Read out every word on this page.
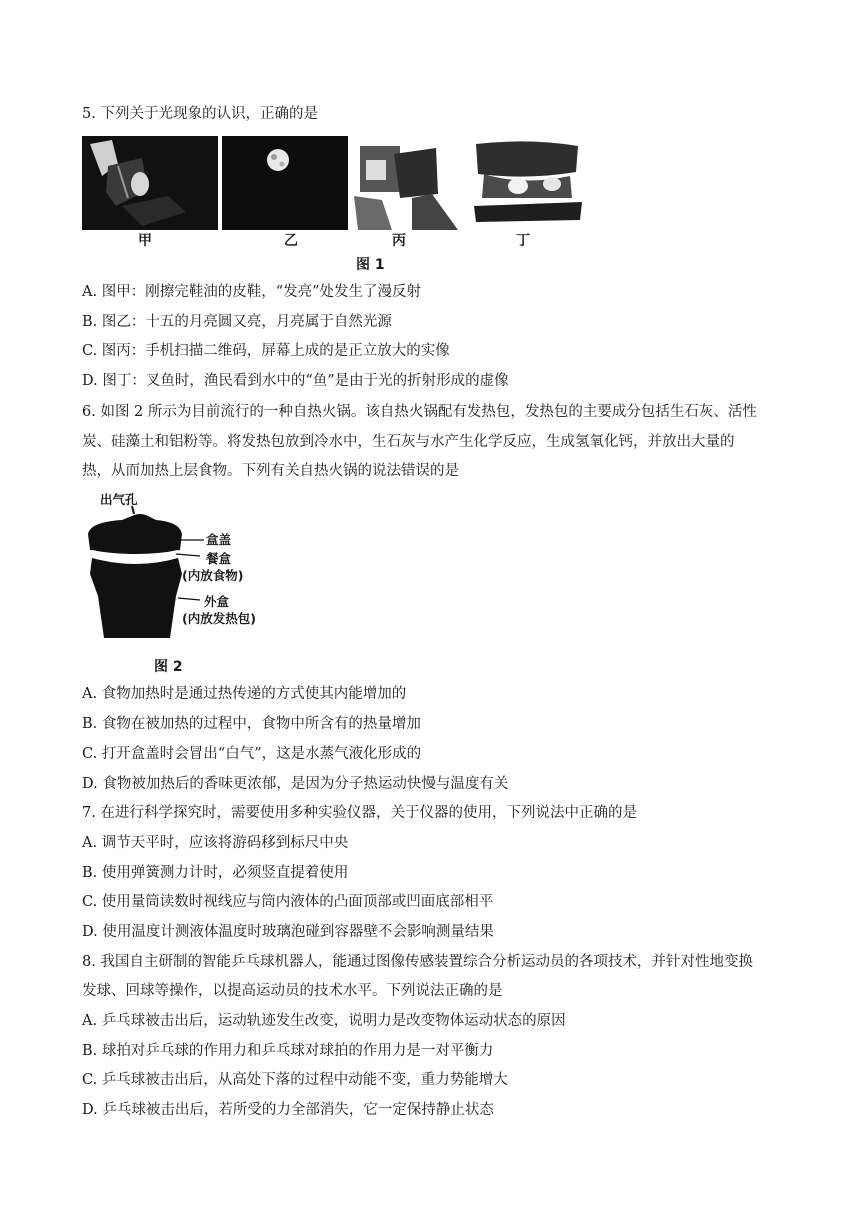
5. 下列关于光现象的认识，正确的是
甲	乙	丙	丁
图 1
A. 图甲：刚擦完鞋油的皮鞋，“发亮”处发生了漫反射
B. 图乙：十五的月亮圆又亮，月亮属于自然光源
C. 图丙：手机扫描二维码，屏幕上成的是正立放大的实像
D. 图丁：叉鱼时，渔民看到水中的“鱼”是由于光的折射形成的虚像
6. 如图 2 所示为目前流行的一种自热火锅。该自热火锅配有发热包，发热包的主要成分包括生石灰、活性
炭、硅藻土和铝粉等。将发热包放到冷水中，生石灰与水产生化学反应，生成氢氧化钙，并放出大量的
热，从而加热上层食物。下列有关自热火锅的说法错误的是
出气孔
盒盖
餐盒
(内放食物)
外盒
(内放发热包)
图 2
A. 食物加热时是通过热传递的方式使其内能增加的
B. 食物在被加热的过程中，食物中所含有的热量增加
C. 打开盒盖时会冒出“白气”，这是水蒸气液化形成的
D. 食物被加热后的香味更浓郁，是因为分子热运动快慢与温度有关
7. 在进行科学探究时，需要使用多种实验仪器，关于仪器的使用，下列说法中正确的是
A. 调节天平时，应该将游码移到标尺中央
B. 使用弹簧测力计时，必须竖直提着使用
C. 使用量筒读数时视线应与筒内液体的凸面顶部或凹面底部相平
D. 使用温度计测液体温度时玻璃泡碰到容器壁不会影响测量结果
8. 我国自主研制的智能乒乓球机器人，能通过图像传感装置综合分析运动员的各项技术，并针对性地变换
发球、回球等操作，以提高运动员的技术水平。下列说法正确的是
A. 乒乓球被击出后，运动轨迹发生改变，说明力是改变物体运动状态的原因
B. 球拍对乒乓球的作用力和乒乓球对球拍的作用力是一对平衡力
C. 乒乓球被击出后，从高处下落的过程中动能不变，重力势能增大
D. 乒乓球被击出后，若所受的力全部消失，它一定保持静止状态
